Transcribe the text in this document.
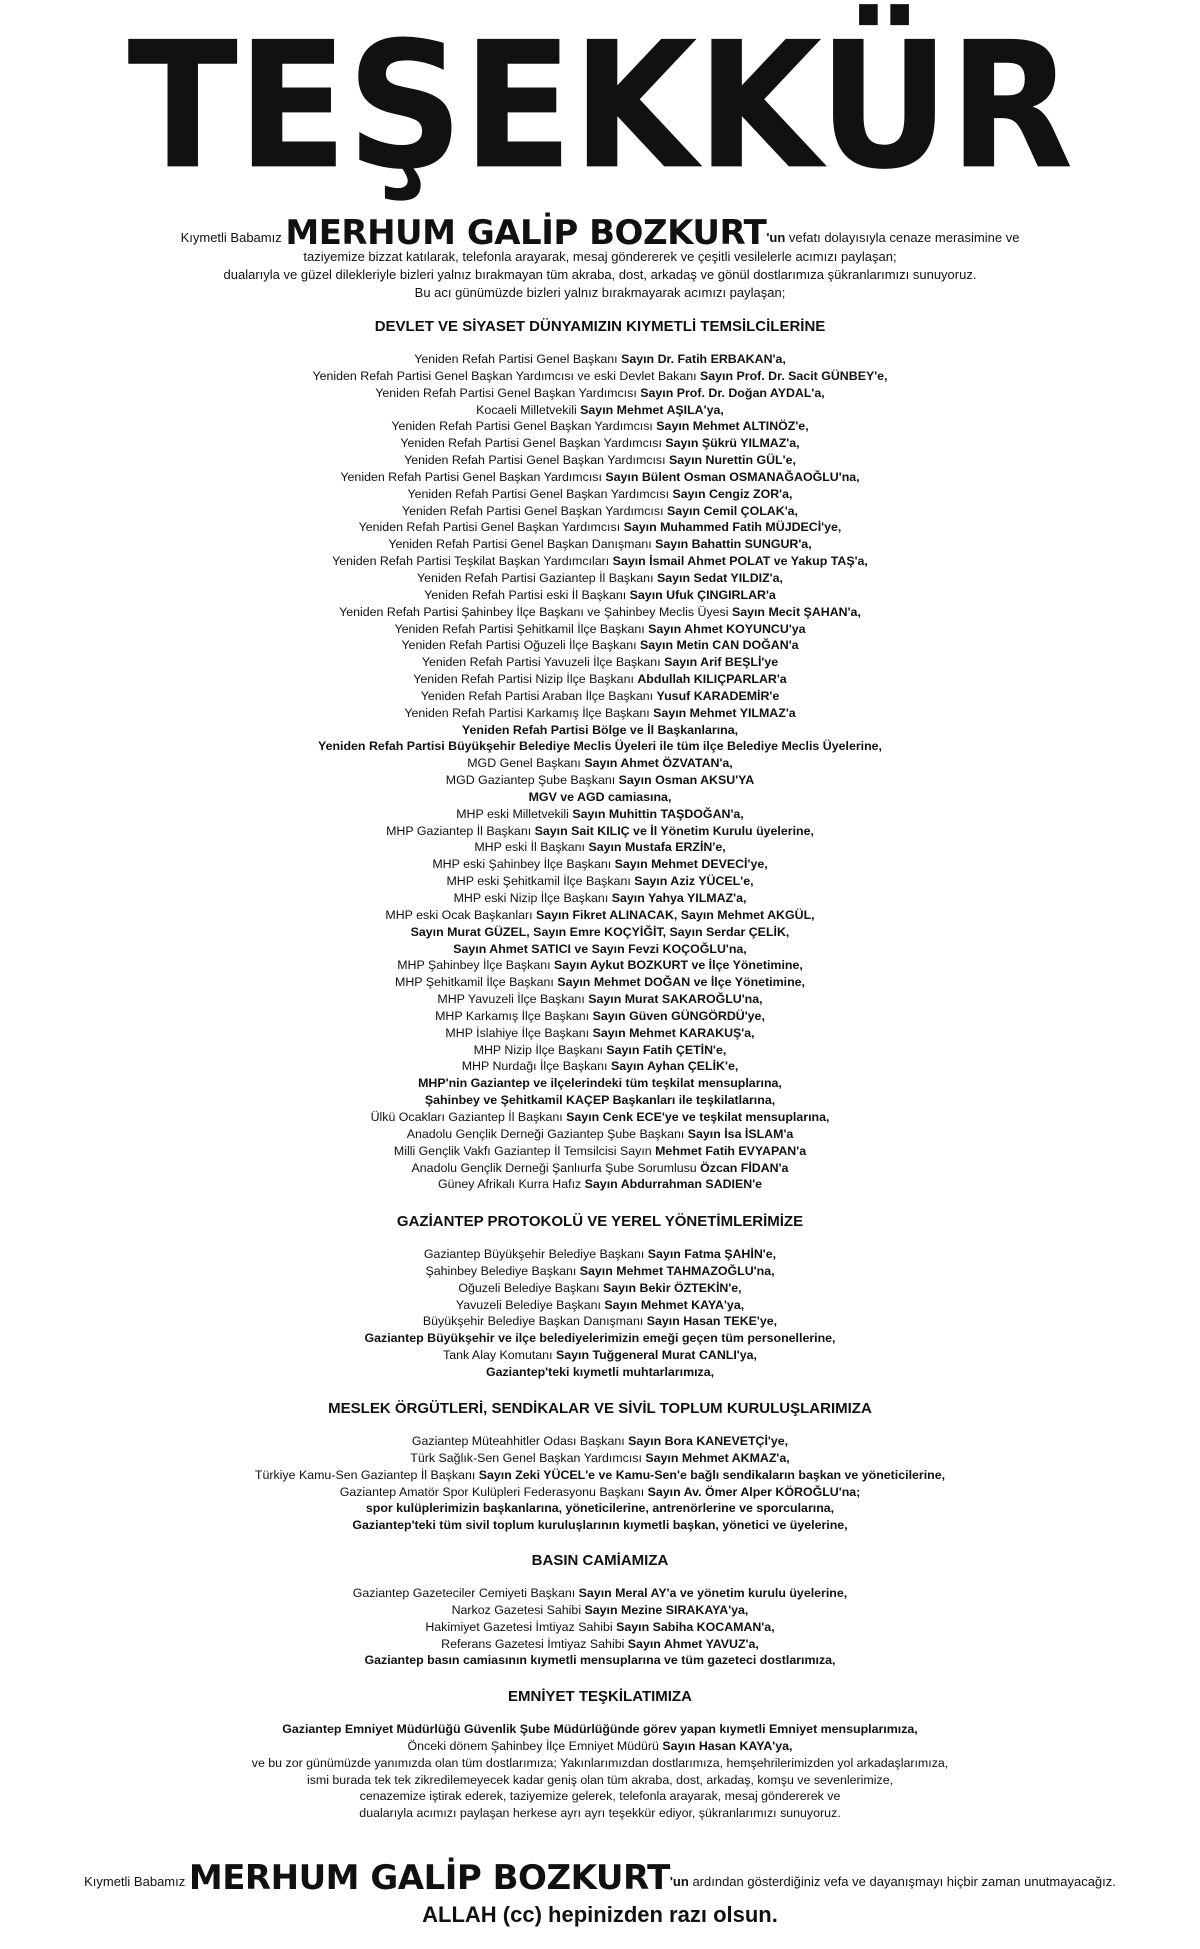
TEŞEKKÜR
Kıymetli Babamız MERHUM GALİP BOZKURT'un vefatı dolayısıyla cenaze merasimine ve
taziyemize bizzat katılarak, telefonla arayarak, mesaj göndererek ve çeşitli vesilelerle acımızı paylaşan;
dualarıyla ve güzel dilekleriyle bizleri yalnız bırakmayan tüm akraba, dost, arkadaş ve gönül dostlarımıza şükranlarımızı sunuyoruz.
Bu acı günümüzde bizleri yalnız bırakmayarak acımızı paylaşan;
DEVLET VE SİYASET DÜNYAMIZIN KIYMETLİ TEMSİLCİLERİNE
Yeniden Refah Partisi Genel Başkanı Sayın Dr. Fatih ERBAKAN'a,
Yeniden Refah Partisi Genel Başkan Yardımcısı ve eski Devlet Bakanı Sayın Prof. Dr. Sacit GÜNBEY'e,
Yeniden Refah Partisi Genel Başkan Yardımcısı Sayın Prof. Dr. Doğan AYDAL'a,
Kocaeli Milletvekili Sayın Mehmet AŞILA'ya,
Yeniden Refah Partisi Genel Başkan Yardımcısı Sayın Mehmet ALTINÖZ'e,
Yeniden Refah Partisi Genel Başkan Yardımcısı Sayın Şükrü YILMAZ'a,
Yeniden Refah Partisi Genel Başkan Yardımcısı Sayın Nurettin GÜL'e,
Yeniden Refah Partisi Genel Başkan Yardımcısı Sayın Bülent Osman OSMANAĞAOĞLU'na,
Yeniden Refah Partisi Genel Başkan Yardımcısı Sayın Cengiz ZOR'a,
Yeniden Refah Partisi Genel Başkan Yardımcısı Sayın Cemil ÇOLAK'a,
Yeniden Refah Partisi Genel Başkan Yardımcısı Sayın Muhammed Fatih MÜJDECİ'ye,
Yeniden Refah Partisi Genel Başkan Danışmanı Sayın Bahattin SUNGUR'a,
Yeniden Refah Partisi Teşkilat Başkan Yardımcıları Sayın İsmail Ahmet POLAT ve Yakup TAŞ'a,
Yeniden Refah Partisi Gaziantep İl Başkanı Sayın Sedat YILDIZ'a,
Yeniden Refah Partisi eski İl Başkanı Sayın Ufuk ÇINGIRLAR'a
Yeniden Refah Partisi Şahinbey İlçe Başkanı ve Şahinbey Meclis Üyesi Sayın Mecit ŞAHAN'a,
Yeniden Refah Partisi Şehitkamil İlçe Başkanı Sayın Ahmet KOYUNCU'ya
Yeniden Refah Partisi Oğuzeli İlçe Başkanı Sayın Metin CAN DOĞAN'a
Yeniden Refah Partisi Yavuzeli İlçe Başkanı Sayın Arif BEŞLİ'ye
Yeniden Refah Partisi Nizip İlçe Başkanı Abdullah KILIÇPARLAR'a
Yeniden Refah Partisi Araban İlçe Başkanı Yusuf KARADEMİR'e
Yeniden Refah Partisi Karkamış İlçe Başkanı Sayın Mehmet YILMAZ'a
Yeniden Refah Partisi Bölge ve İl Başkanlarına,
Yeniden Refah Partisi Büyükşehir Belediye Meclis Üyeleri ile tüm ilçe Belediye Meclis Üyelerine,
MGD Genel Başkanı Sayın Ahmet ÖZVATAN'a,
MGD Gaziantep Şube Başkanı Sayın Osman AKSU'YA
MGV ve AGD camiasına,
MHP eski Milletvekili Sayın Muhittin TAŞDOĞAN'a,
MHP Gaziantep İl Başkanı Sayın Sait KILIÇ ve İl Yönetim Kurulu üyelerine,
MHP eski İl Başkanı Sayın Mustafa ERZİN'e,
MHP eski Şahinbey İlçe Başkanı Sayın Mehmet DEVECİ'ye,
MHP eski Şehitkamil İlçe Başkanı Sayın Aziz YÜCEL'e,
MHP eski Nizip İlçe Başkanı Sayın Yahya YILMAZ'a,
MHP eski Ocak Başkanları Sayın Fikret ALINACAK, Sayın Mehmet AKGÜL,
Sayın Murat GÜZEL, Sayın Emre KOÇYİĞİT, Sayın Serdar ÇELİK,
Sayın Ahmet SATICI ve Sayın Fevzi KOÇOĞLU'na,
MHP Şahinbey İlçe Başkanı Sayın Aykut BOZKURT ve İlçe Yönetimine,
MHP Şehitkamil İlçe Başkanı Sayın Mehmet DOĞAN ve İlçe Yönetimine,
MHP Yavuzeli İlçe Başkanı Sayın Murat SAKAROĞLU'na,
MHP Karkamış İlçe Başkanı Sayın Güven GÜNGÖRDÜ'ye,
MHP İslahiye İlçe Başkanı Sayın Mehmet KARAKUŞ'a,
MHP Nizip İlçe Başkanı Sayın Fatih ÇETİN'e,
MHP Nurdağı İlçe Başkanı Sayın Ayhan ÇELİK'e,
MHP'nin Gaziantep ve ilçelerindeki tüm teşkilat mensuplarına,
Şahinbey ve Şehitkamil KAÇEP Başkanları ile teşkilatlarına,
Ülkü Ocakları Gaziantep İl Başkanı Sayın Cenk ECE'ye ve teşkilat mensuplarına,
Anadolu Gençlik Derneği Gaziantep Şube Başkanı Sayın İsa İSLAM'a
Milli Gençlik Vakfı Gaziantep İl Temsilcisi Sayın Mehmet Fatih EVYAPAN'a
Anadolu Gençlik Derneği Şanlıurfa Şube Sorumlusu Özcan FİDAN'a
Güney Afrikalı Kurra Hafız Sayın Abdurrahman SADIEN'e
GAZİANTEP PROTOKOLÜ VE YEREL YÖNETİMLERİMİZE
Gaziantep Büyükşehir Belediye Başkanı Sayın Fatma ŞAHİN'e,
Şahinbey Belediye Başkanı Sayın Mehmet TAHMAZOĞLU'na,
Oğuzeli Belediye Başkanı Sayın Bekir ÖZTEKİN'e,
Yavuzeli Belediye Başkanı Sayın Mehmet KAYA'ya,
Büyükşehir Belediye Başkan Danışmanı Sayın Hasan TEKE'ye,
Gaziantep Büyükşehir ve ilçe belediyelerimizin emeği geçen tüm personellerine,
Tank Alay Komutanı Sayın Tuğgeneral Murat CANLI'ya,
Gaziantep'teki kıymetli muhtarlarımıza,
MESLEK ÖRGÜTLERİ, SENDİKALAR VE SİVİL TOPLUM KURULUŞLARIMIZA
Gaziantep Müteahhitler Odası Başkanı Sayın Bora KANEVETÇİ'ye,
Türk Sağlık-Sen Genel Başkan Yardımcısı Sayın Mehmet AKMAZ'a,
Türkiye Kamu-Sen Gaziantep İl Başkanı Sayın Zeki YÜCEL'e ve Kamu-Sen'e bağlı sendikaların başkan ve yöneticilerine,
Gaziantep Amatör Spor Kulüpleri Federasyonu Başkanı Sayın Av. Ömer Alper KÖROĞLU'na;
spor kulüplerimizin başkanlarına, yöneticilerine, antrenörlerine ve sporcularına,
Gaziantep'teki tüm sivil toplum kuruluşlarının kıymetli başkan, yönetici ve üyelerine,
BASIN CAMİAMIZA
Gaziantep Gazeteciler Cemiyeti Başkanı Sayın Meral AY'a ve yönetim kurulu üyelerine,
Narkoz Gazetesi Sahibi Sayın Mezine SIRAKAYA'ya,
Hakimiyet Gazetesi İmtiyaz Sahibi Sayın Sabiha KOCAMAN'a,
Referans Gazetesi İmtiyaz Sahibi Sayın Ahmet YAVUZ'a,
Gaziantep basın camiasının kıymetli mensuplarına ve tüm gazeteci dostlarımıza,
EMNİYET TEŞKİLATIMIZA
Gaziantep Emniyet Müdürlüğü Güvenlik Şube Müdürlüğünde görev yapan kıymetli Emniyet mensuplarımıza,
Önceki dönem Şahinbey İlçe Emniyet Müdürü Sayın Hasan KAYA'ya,
ve bu zor günümüzde yanımızda olan tüm dostlarımıza; Yakınlarımızdan dostlarımıza, hemşehrilerimizden yol arkadaşlarımıza,
ismi burada tek tek zikredilemeyecek kadar geniş olan tüm akraba, dost, arkadaş, komşu ve sevenlerimize,
cenazemize iştirak ederek, taziyemize gelerek, telefonla arayarak, mesaj göndererek ve
dualarıyla acımızı paylaşan herkese ayrı ayrı teşekkür ediyor, şükranlarımızı sunuyoruz.
Kıymetli Babamız MERHUM GALİP BOZKURT'un ardından gösterdiğiniz vefa ve dayanışmayı hiçbir zaman unutmayacağız.
ALLAH (cc) hepinizden razı olsun.
